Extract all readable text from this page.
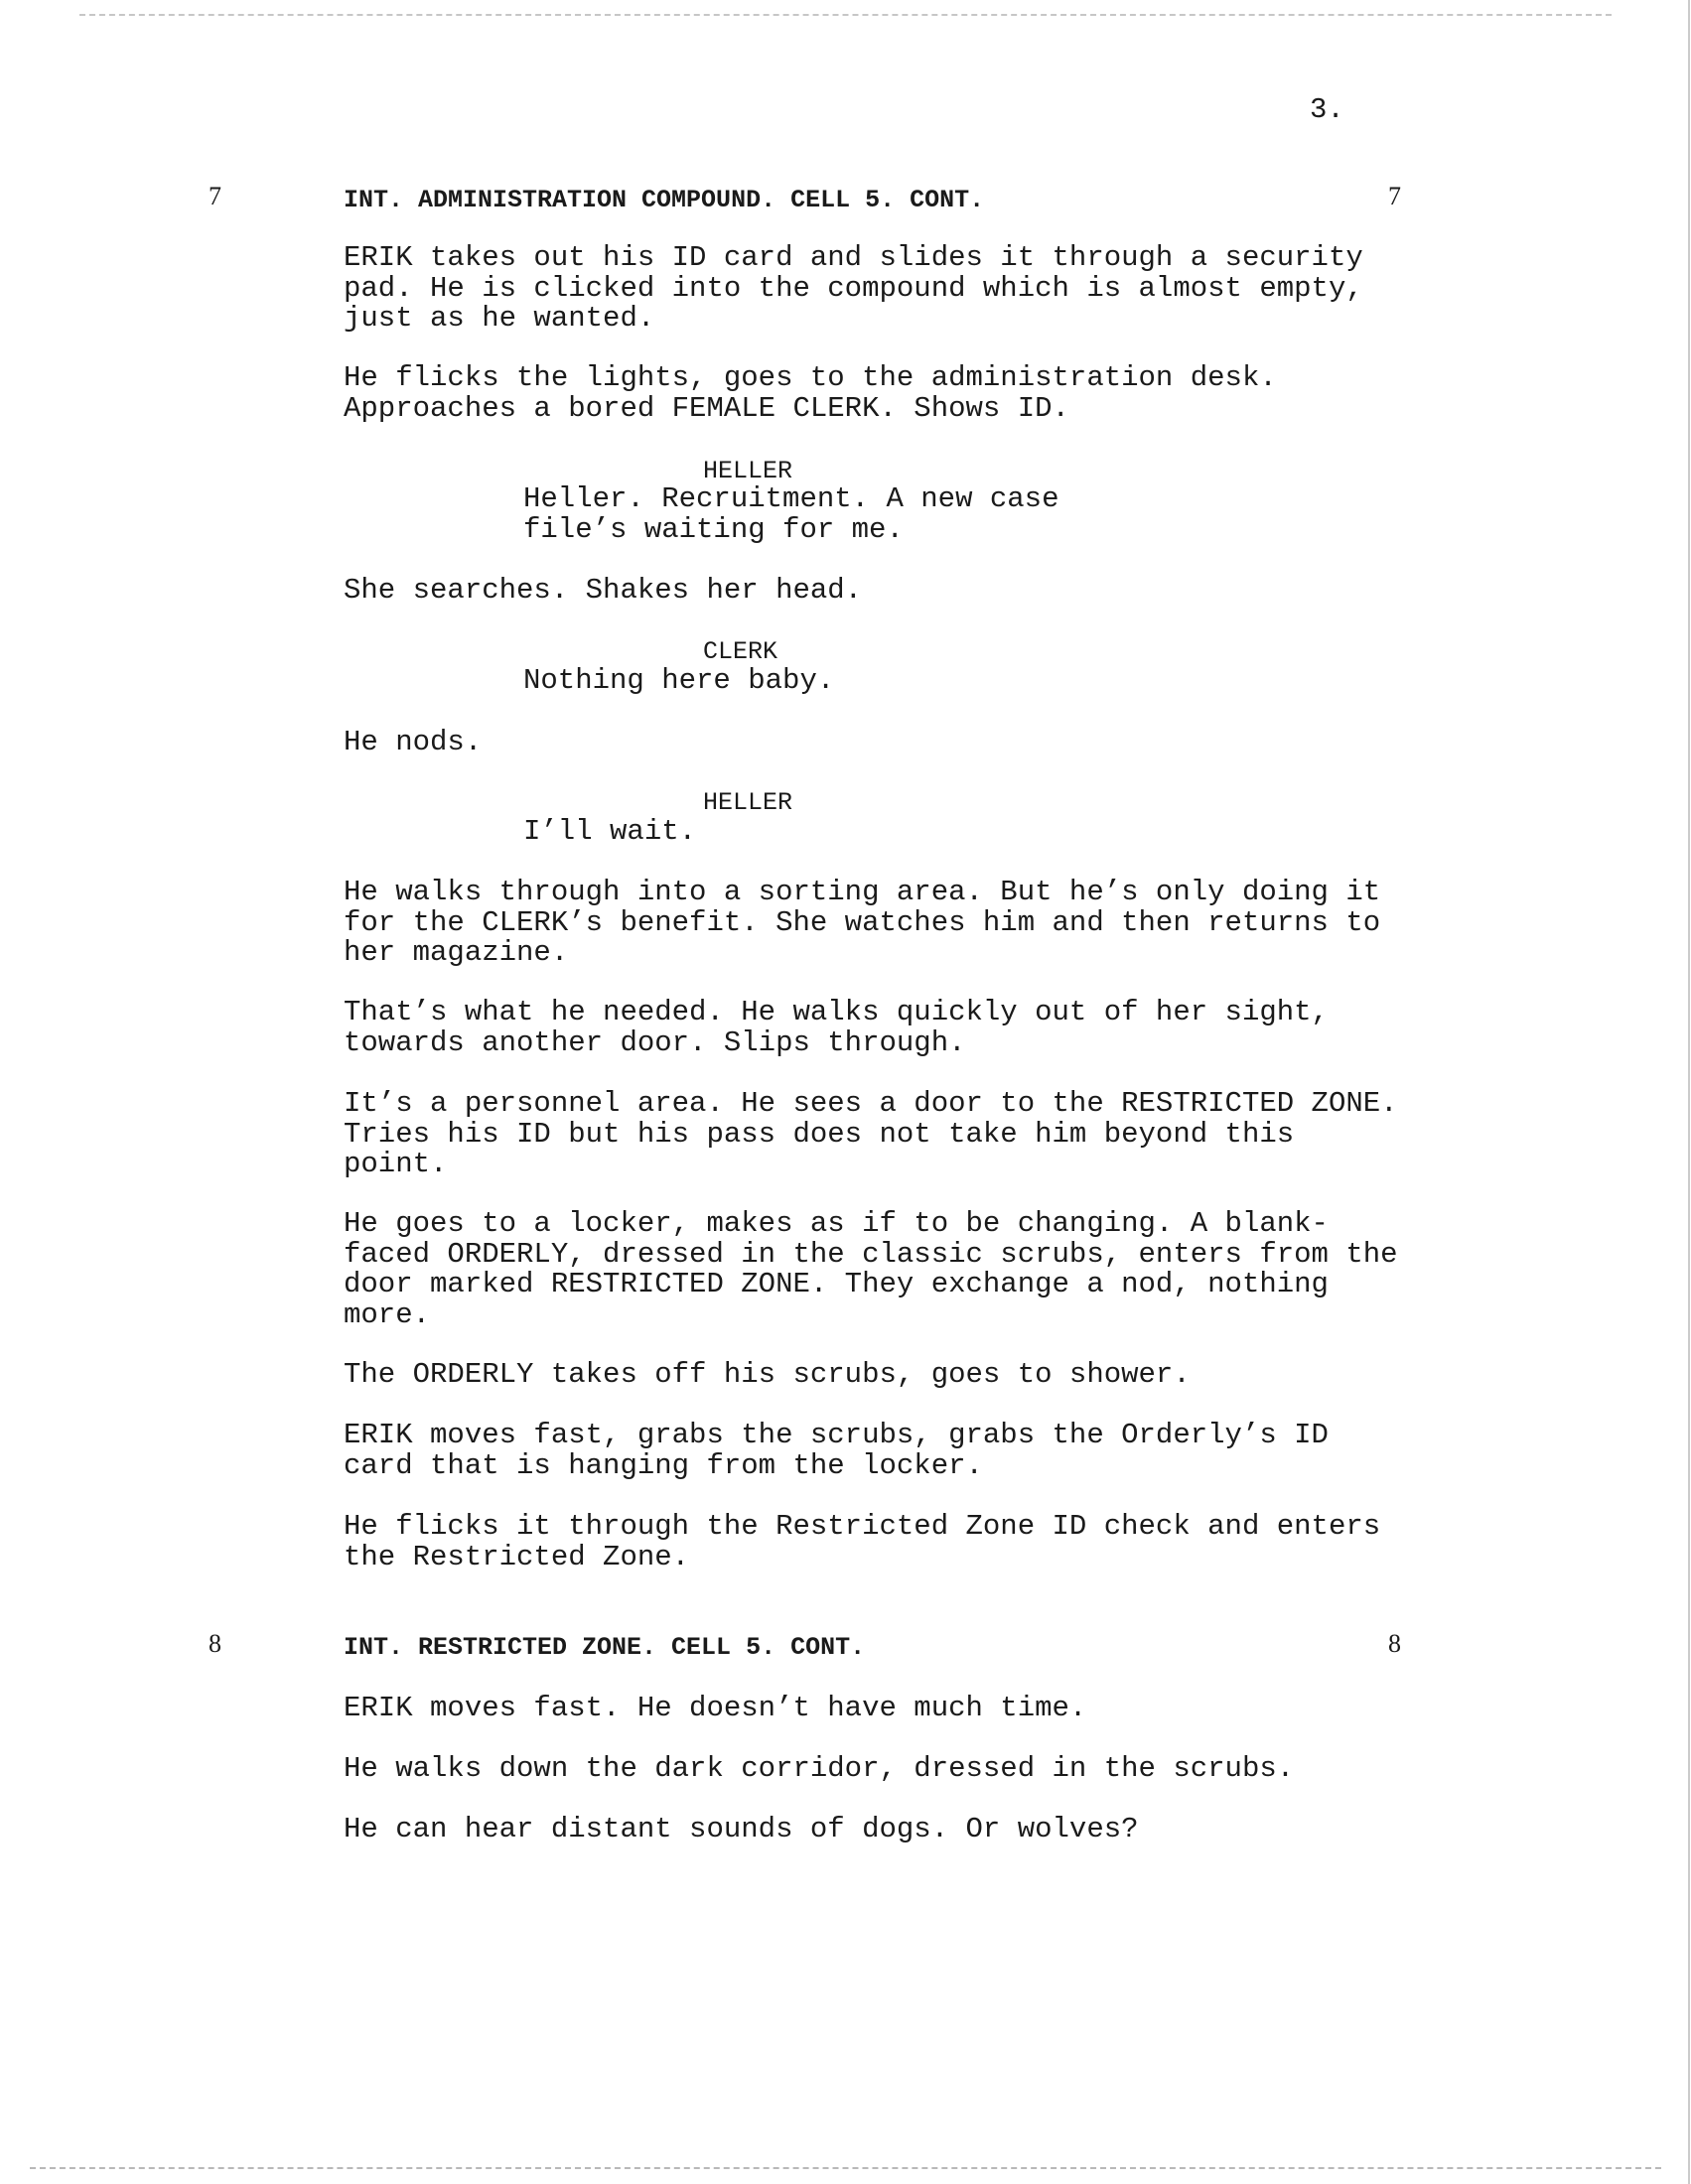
3.
7	INT. ADMINISTRATION COMPOUND. CELL 5. CONT.	7
ERIK takes out his ID card and slides it through a security
pad. He is clicked into the compound which is almost empty,
just as he wanted.
He flicks the lights, goes to the administration desk.
Approaches a bored FEMALE CLERK. Shows ID.
HELLER
Heller. Recruitment. A new case
file’s waiting for me.
She searches. Shakes her head.
CLERK
Nothing here baby.
He nods.
HELLER
I’ll wait.
He walks through into a sorting area. But he’s only doing it
for the CLERK’s benefit. She watches him and then returns to
her magazine.
That’s what he needed. He walks quickly out of her sight,
towards another door. Slips through.
It’s a personnel area. He sees a door to the RESTRICTED ZONE.
Tries his ID but his pass does not take him beyond this
point.
He goes to a locker, makes as if to be changing. A blank-
faced ORDERLY, dressed in the classic scrubs, enters from the
door marked RESTRICTED ZONE. They exchange a nod, nothing
more.
The ORDERLY takes off his scrubs, goes to shower.
ERIK moves fast, grabs the scrubs, grabs the Orderly’s ID
card that is hanging from the locker.
He flicks it through the Restricted Zone ID check and enters
the Restricted Zone.
8	INT. RESTRICTED ZONE. CELL 5. CONT.	8
ERIK moves fast. He doesn’t have much time.
He walks down the dark corridor, dressed in the scrubs.
He can hear distant sounds of dogs. Or wolves?
